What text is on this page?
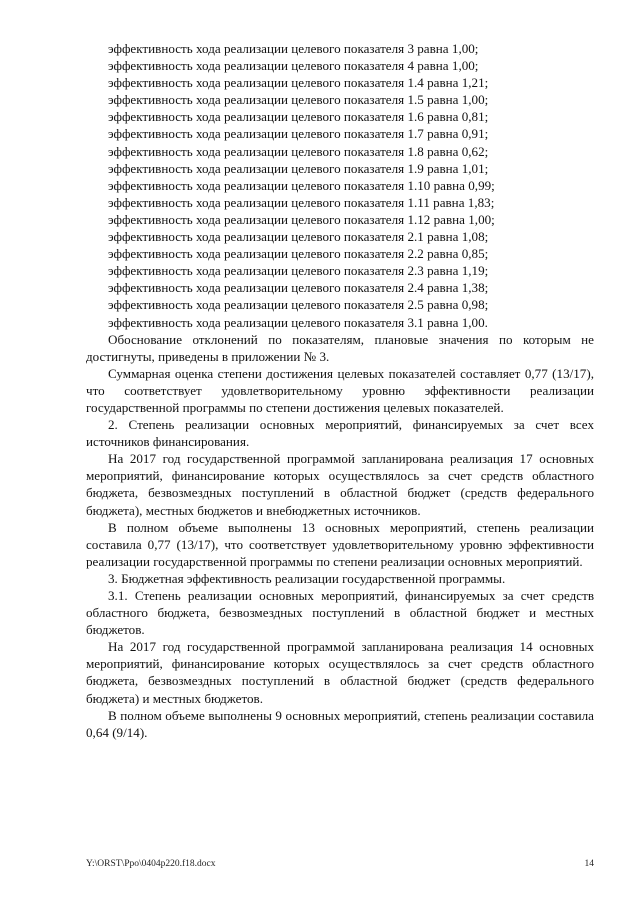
эффективность хода реализации целевого показателя 3 равна 1,00;
эффективность хода реализации целевого показателя 4 равна 1,00;
эффективность хода реализации целевого показателя 1.4 равна 1,21;
эффективность хода реализации целевого показателя 1.5 равна 1,00;
эффективность хода реализации целевого показателя 1.6 равна 0,81;
эффективность хода реализации целевого показателя 1.7 равна 0,91;
эффективность хода реализации целевого показателя 1.8 равна 0,62;
эффективность хода реализации целевого показателя 1.9 равна 1,01;
эффективность хода реализации целевого показателя 1.10 равна 0,99;
эффективность хода реализации целевого показателя 1.11 равна 1,83;
эффективность хода реализации целевого показателя 1.12 равна 1,00;
эффективность хода реализации целевого показателя 2.1 равна 1,08;
эффективность хода реализации целевого показателя 2.2 равна 0,85;
эффективность хода реализации целевого показателя 2.3 равна 1,19;
эффективность хода реализации целевого показателя 2.4 равна 1,38;
эффективность хода реализации целевого показателя 2.5 равна 0,98;
эффективность хода реализации целевого показателя 3.1 равна 1,00.

Обоснование отклонений по показателям, плановые значения по которым не достигнуты, приведены в приложении № 3.

Суммарная оценка степени достижения целевых показателей составляет 0,77 (13/17), что соответствует удовлетворительному уровню эффективности реализации государственной программы по степени достижения целевых показателей.

2. Степень реализации основных мероприятий, финансируемых за счет всех источников финансирования.

На 2017 год государственной программой запланирована реализация 17 основных мероприятий, финансирование которых осуществлялось за счет средств областного бюджета, безвозмездных поступлений в областной бюджет (средств федерального бюджета), местных бюджетов и внебюджетных источников.

В полном объеме выполнены 13 основных мероприятий, степень реализации составила 0,77 (13/17), что соответствует удовлетворительному уровню эффективности реализации государственной программы по степени реализации основных мероприятий.

3. Бюджетная эффективность реализации государственной программы.

3.1. Степень реализации основных мероприятий, финансируемых за счет средств областного бюджета, безвозмездных поступлений в областной бюджет и местных бюджетов.

На 2017 год государственной программой запланирована реализация 14 основных мероприятий, финансирование которых осуществлялось за счет средств областного бюджета, безвозмездных поступлений в областной бюджет (средств федерального бюджета) и местных бюджетов.

В полном объеме выполнены 9 основных мероприятий, степень реализации составила 0,64 (9/14).

Y:\ORST\Ppo\0404p220.f18.docx	14
